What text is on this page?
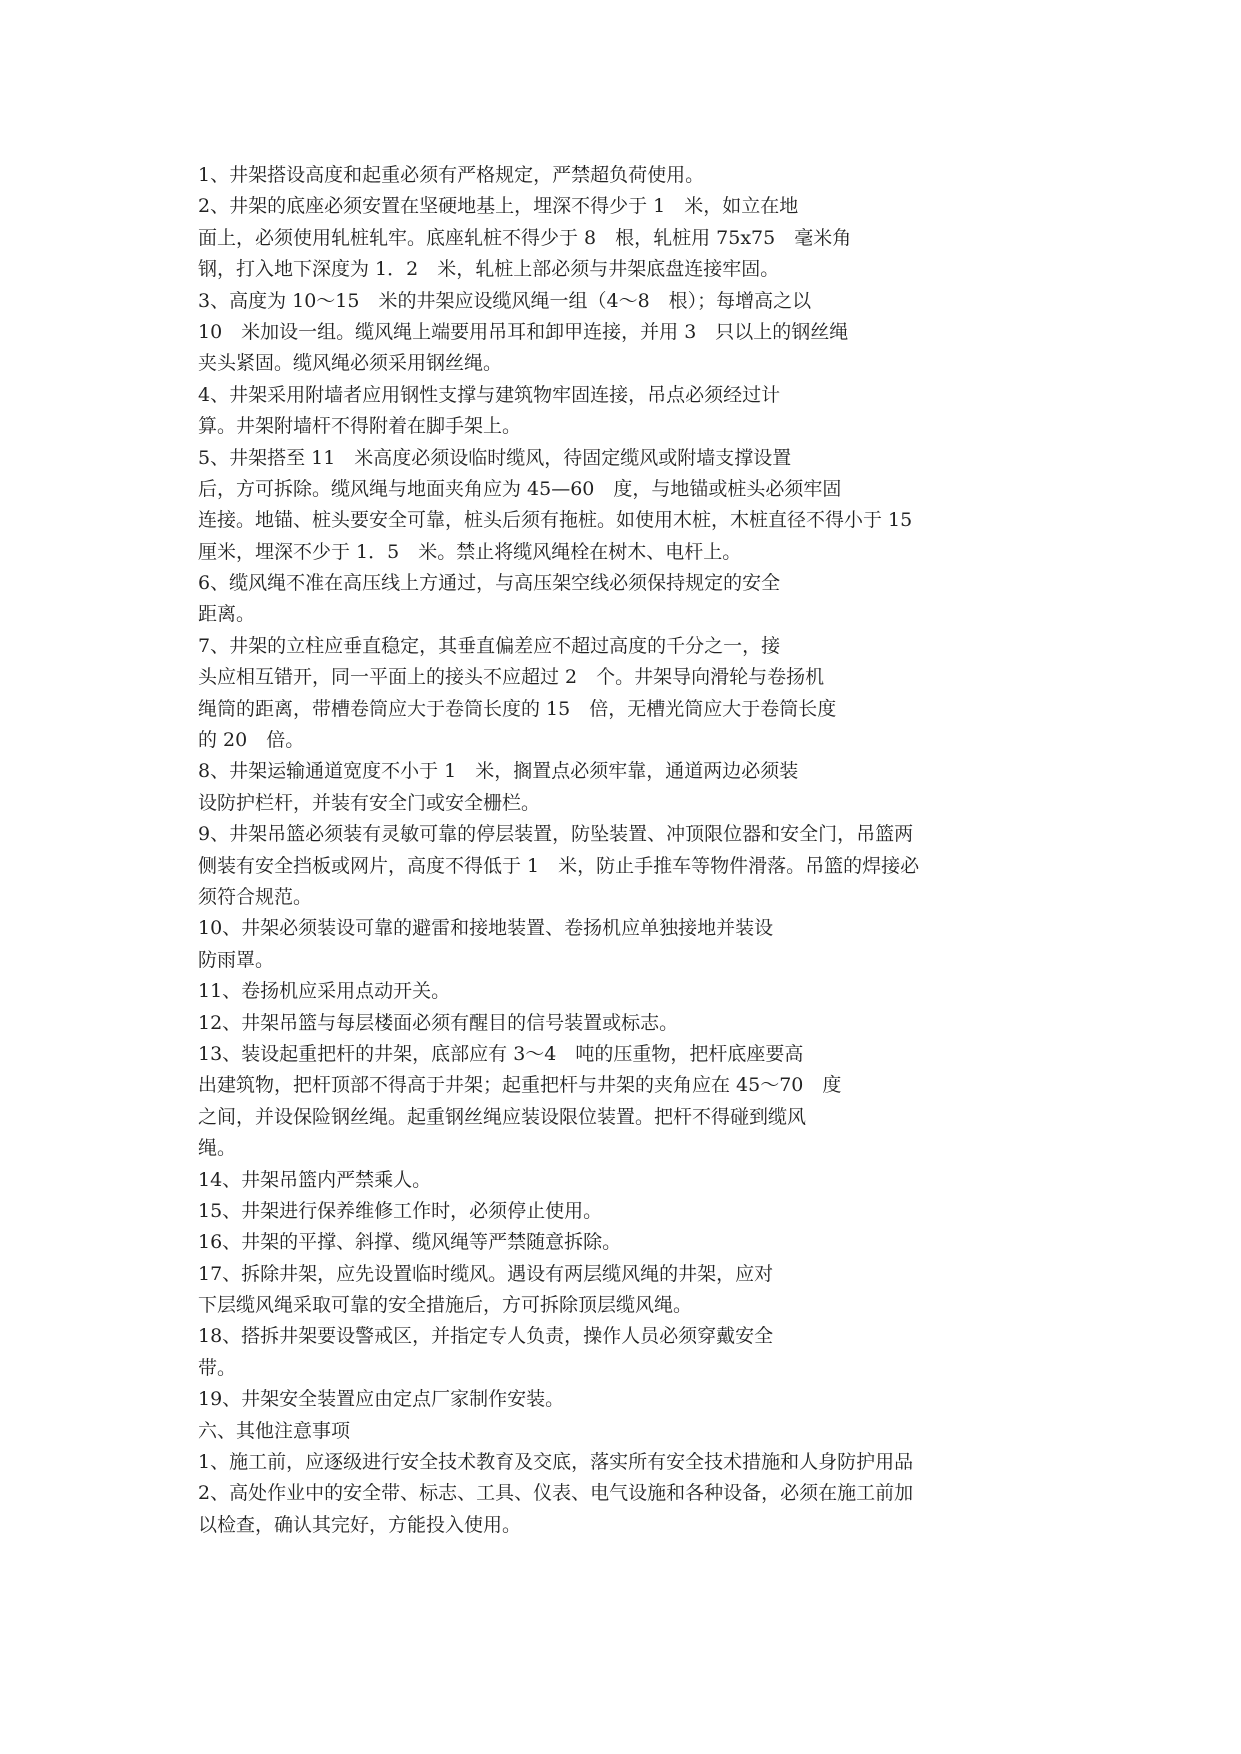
1、井架搭设高度和起重必须有严格规定，严禁超负荷使用。
2、井架的底座必须安置在坚硬地基上，埋深不得少于 1　米，如立在地
面上，必须使用轧桩轧牢。底座轧桩不得少于 8　根，轧桩用 75x75　毫米角
钢，打入地下深度为 1．2　米，轧桩上部必须与井架底盘连接牢固。
3、高度为 10～15　米的井架应设缆风绳一组（4～8　根）；每增高之以
10　米加设一组。缆风绳上端要用吊耳和卸甲连接，并用 3　只以上的钢丝绳
夹头紧固。缆风绳必须采用钢丝绳。
4、井架采用附墙者应用钢性支撑与建筑物牢固连接，吊点必须经过计
算。井架附墙杆不得附着在脚手架上。
5、井架搭至 11　米高度必须设临时缆风，待固定缆风或附墙支撑设置
后，方可拆除。缆风绳与地面夹角应为 45—60　度，与地锚或桩头必须牢固
连接。地锚、桩头要安全可靠，桩头后须有拖桩。如使用木桩，木桩直径不得小于 15
厘米，埋深不少于 1．5　米。禁止将缆风绳栓在树木、电杆上。
6、缆风绳不准在高压线上方通过，与高压架空线必须保持规定的安全
距离。
7、井架的立柱应垂直稳定，其垂直偏差应不超过高度的千分之一，接
头应相互错开，同一平面上的接头不应超过 2　个。井架导向滑轮与卷扬机
绳筒的距离，带槽卷筒应大于卷筒长度的 15　倍，无槽光筒应大于卷筒长度
的 20　倍。
8、井架运输通道宽度不小于 1　米，搁置点必须牢靠，通道两边必须装
设防护栏杆，并装有安全门或安全栅栏。
9、井架吊篮必须装有灵敏可靠的停层装置，防坠装置、冲顶限位器和安全门，吊篮两
侧装有安全挡板或网片，高度不得低于 1　米，防止手推车等物件滑落。吊篮的焊接必
须符合规范。
10、井架必须装设可靠的避雷和接地装置、卷扬机应单独接地并装设
防雨罩。
11、卷扬机应采用点动开关。
12、井架吊篮与每层楼面必须有醒目的信号装置或标志。
13、装设起重把杆的井架，底部应有 3～4　吨的压重物，把杆底座要高
出建筑物，把杆顶部不得高于井架；起重把杆与井架的夹角应在 45～70　度
之间，并设保险钢丝绳。起重钢丝绳应装设限位装置。把杆不得碰到缆风
绳。
14、井架吊篮内严禁乘人。
15、井架进行保养维修工作时，必须停止使用。
16、井架的平撑、斜撑、缆风绳等严禁随意拆除。
17、拆除井架，应先设置临时缆风。遇设有两层缆风绳的井架，应对
下层缆风绳采取可靠的安全措施后，方可拆除顶层缆风绳。
18、搭拆井架要设警戒区，并指定专人负责，操作人员必须穿戴安全
带。
19、井架安全装置应由定点厂家制作安装。
六、其他注意事项
1、施工前，应逐级进行安全技术教育及交底，落实所有安全技术措施和人身防护用品
2、高处作业中的安全带、标志、工具、仪表、电气设施和各种设备，必须在施工前加
以检查，确认其完好，方能投入使用。
